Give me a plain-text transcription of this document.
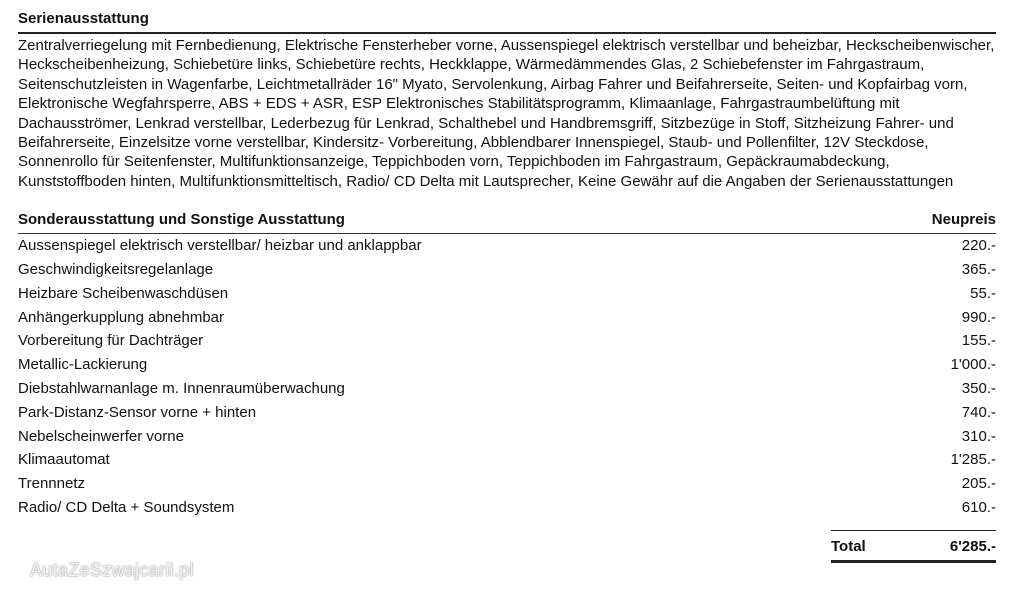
Serienausstattung
Zentralverriegelung mit Fernbedienung, Elektrische Fensterheber vorne, Aussenspiegel elektrisch verstellbar und beheizbar, Heckscheibenwischer, Heckscheibenheizung, Schiebetüre links, Schiebetüre rechts, Heckklappe, Wärmedämmendes Glas, 2 Schiebefenster im Fahrgastraum, Seitenschutzleisten in Wagenfarbe, Leichtmetallräder 16" Myato, Servolenkung, Airbag Fahrer und Beifahrerseite, Seiten- und Kopfairbag vorn, Elektronische Wegfahrsperre, ABS + EDS + ASR, ESP Elektronisches Stabilitätsprogramm, Klimaanlage, Fahrgastraumbelüftung mit Dachausströmer, Lenkrad verstellbar, Lederbezug für Lenkrad, Schalthebel und Handbremsgriff, Sitzbezüge in Stoff, Sitzheizung Fahrer- und Beifahrerseite, Einzelsitze vorne verstellbar, Kindersitz- Vorbereitung, Abblendbarer Innenspiegel, Staub- und Pollenfilter, 12V Steckdose, Sonnenrollo für Seitenfenster, Multifunktionsanzeige, Teppichboden vorn, Teppichboden im Fahrgastraum, Gepäckraumabdeckung, Kunststoffboden hinten, Multifunktionsmitteltisch, Radio/ CD Delta mit Lautsprecher, Keine Gewähr auf die Angaben der Serienausstattungen
Sonderausstattung und Sonstige Ausstattung	Neupreis
Aussenspiegel elektrisch verstellbar/ heizbar und anklappbar	220.-
Geschwindigkeitsregelanlage	365.-
Heizbare Scheibenwaschdüsen	55.-
Anhängerkupplung abnehmbar	990.-
Vorbereitung für Dachträger	155.-
Metallic-Lackierung	1'000.-
Diebstahlwarnanlage m. Innenraumüberwachung	350.-
Park-Distanz-Sensor vorne + hinten	740.-
Nebelscheinwerfer vorne	310.-
Klimaautomat	1'285.-
Trennnetz	205.-
Radio/ CD Delta + Soundsystem	610.-
Total	6'285.-
AutaZeSzwajcarii.pl
